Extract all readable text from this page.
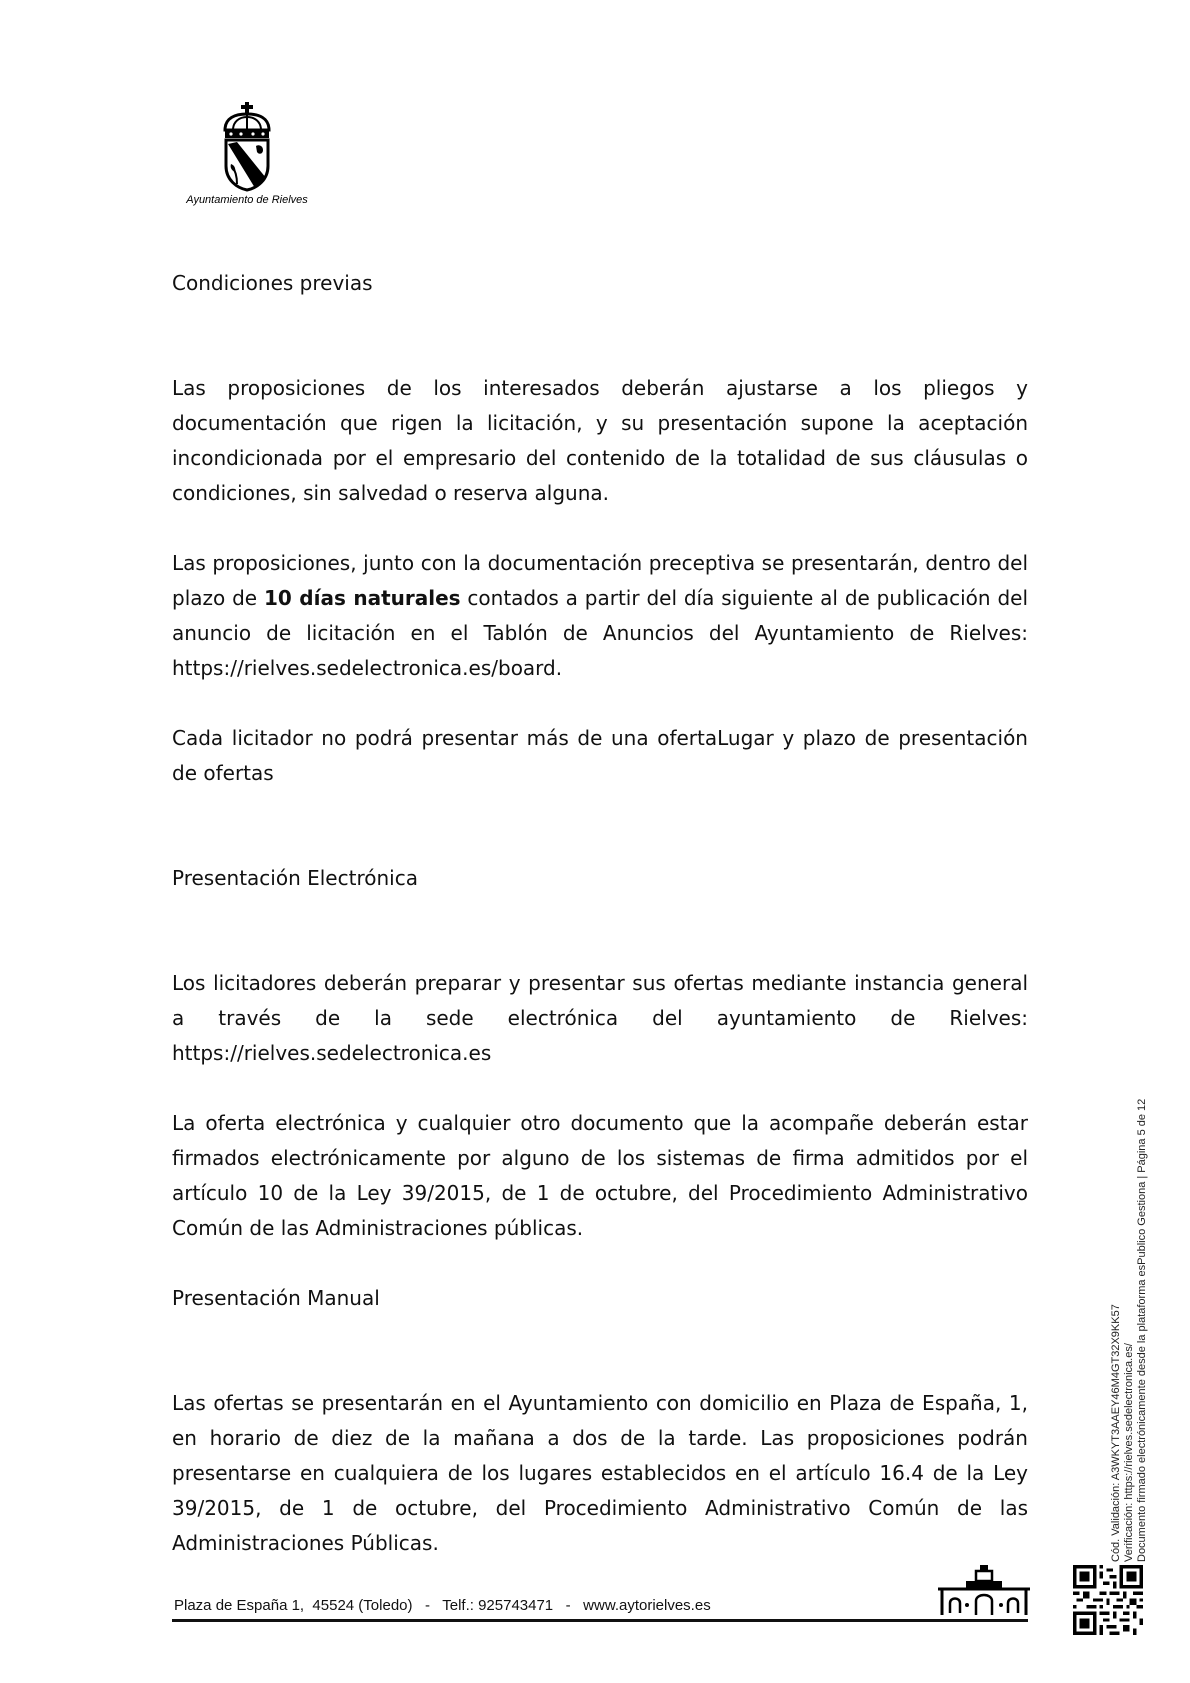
Ayuntamiento de Rielves

Condiciones previas

Las proposiciones de los interesados deberán ajustarse a los pliegos y documentación que rigen la licitación, y su presentación supone la aceptación incondicionada por el empresario del contenido de la totalidad de sus cláusulas o condiciones, sin salvedad o reserva alguna.

Las proposiciones, junto con la documentación preceptiva se presentarán, dentro del plazo de 10 días naturales contados a partir del día siguiente al de publicación del anuncio de licitación en el Tablón de Anuncios del Ayuntamiento de Rielves: https://rielves.sedelectronica.es/board.

Cada licitador no podrá presentar más de una ofertaLugar y plazo de presentación de ofertas

Presentación Electrónica

Los licitadores deberán preparar y presentar sus ofertas mediante instancia general a través de la sede electrónica del ayuntamiento de Rielves: https://rielves.sedelectronica.es

La oferta electrónica y cualquier otro documento que la acompañe deberán estar firmados electrónicamente por alguno de los sistemas de firma admitidos por el artículo 10 de la Ley 39/2015, de 1 de octubre, del Procedimiento Administrativo Común de las Administraciones públicas.

Presentación Manual

Las ofertas se presentarán en el Ayuntamiento con domicilio en Plaza de España, 1, en horario de diez de la mañana a dos de la tarde. Las proposiciones podrán presentarse en cualquiera de los lugares establecidos en el artículo 16.4 de la Ley 39/2015, de 1 de octubre, del Procedimiento Administrativo Común de las Administraciones Públicas.

Plaza de España 1,  45524 (Toledo)   -   Telf.: 925743471   -   www.aytorielves.es
Cód. Validación: A3WKYT3AAEY46M4GT32X9KK57 Verificación: https://rielves.sedelectronica.es/ Documento firmado electrónicamente desde la plataforma esPublico Gestiona | Página 5 de 12
